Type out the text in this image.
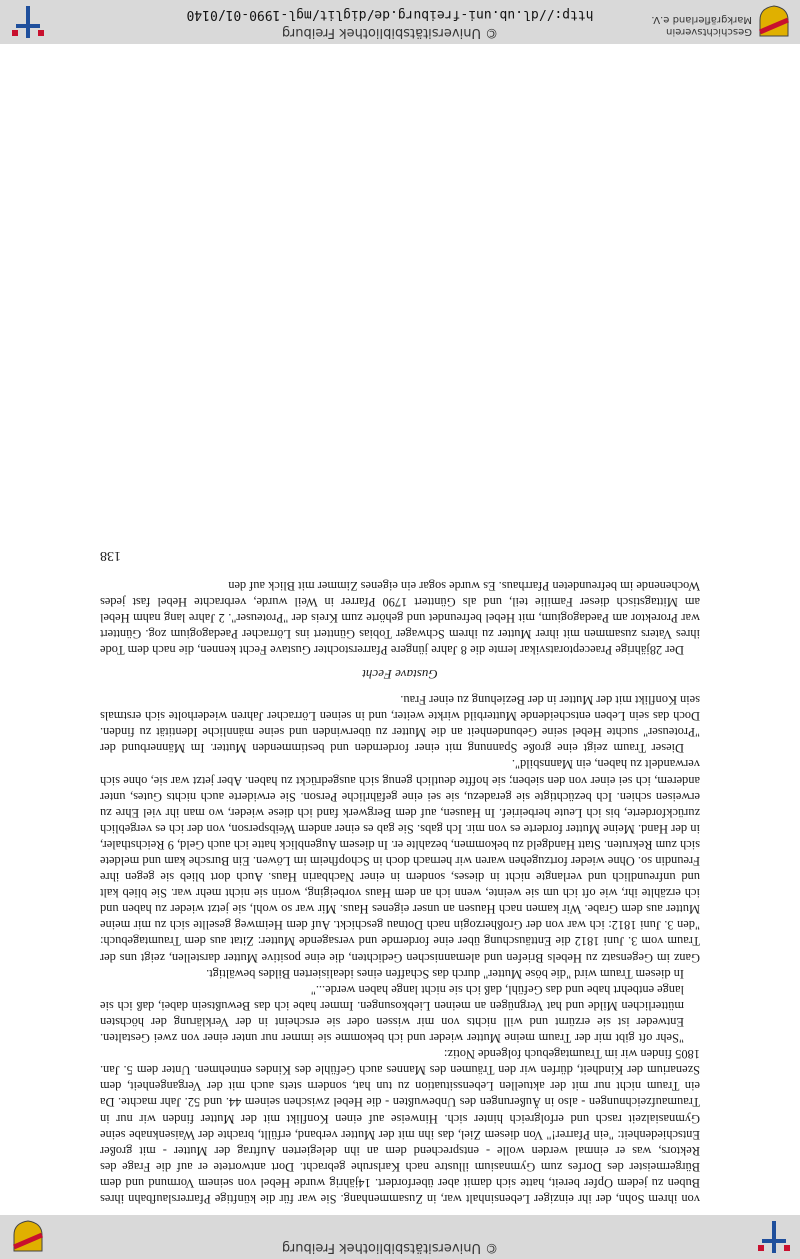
© Universitätsbibliothek Freiburg

von ihrem Sohn, der ihr einziger Lebensinhalt war, in Zusammenhang. Sie war für die künftige Pfarrerslaufbahn ihres Buben zu jedem Opfer bereit, hatte sich damit aber überfordert. 14jährig wurde Hebel von seinem Vormund und dem Bürgermeister des Dorfes zum Gymnasium illustre nach Karlsruhe gebracht. Dort antwortete er auf die Frage des Rektors, was er einmal werden wolle - entsprechend dem an ihn delegierten Auftrag der Mutter - mit großer Entschiedenheit: "ein Pfarrer!" Von diesem Ziel, das ihn mit der Mutter verband, erfüllt, brachte der Waisenknabe seine Gymnasialzeit rasch und erfolgreich hinter sich. Hinweise auf einen Konflikt mit der Mutter finden wir nur in Traumaufzeichnungen - also in Äußerungen des Unbewußten - die Hebel zwischen seinem 44. und 52. Jahr machte. Da ein Traum nicht nur mit der aktuellen Lebenssituation zu tun hat, sondern stets auch mit der Vergangenheit, dem Szenarium der Kindheit, dürfen wir den Träumen des Mannes auch Gefühle des Kindes entnehmen. Unter dem 5. Jan. 1805 finden wir im Traumtagebuch folgende Notiz:

"Sehr oft gibt mir der Traum meine Mutter wieder und ich bekomme sie immer nur unter einer von zwei Gestalten. Entweder ist sie erzürnt und will nichts von mir wissen oder sie erscheint in der Verklärung der höchsten mütterlichen Milde und hat Vergnügen an meinen Liebkosungen. Immer habe ich das Bewußtsein dabei, daß ich sie lange entbehrt habe und das Gefühl, daß ich sie nicht lange haben werde..."

In diesem Traum wird "die böse Mutter" durch das Schaffen eines idealisierten Bildes bewältigt.

Ganz im Gegensatz zu Hebels Briefen und alemannischen Gedichten, die eine positive Mutter darstellen, zeigt uns der Traum vom 3. Juni 1812 die Enttäuschung über eine fordernde und versagende Mutter: Zitat aus dem Traumtagebuch: "den 3. Juni 1812: ich war von der Großherzogin nach Dotnau geschickt. Auf dem Heimweg gesellte sich zu mir meine Mutter aus dem Grabe. Wir kamen nach Hausen an unser eigenes Haus. Mir war so wohl, sie jetzt wieder zu haben und ich erzählte ihr, wie oft ich um sie weinte, wenn ich an dem Haus vorbeiging, worin sie nicht mehr war. Sie blieb kalt und unfreundlich und verlangte nicht in dieses, sondern in einer Nachbarin Haus. Auch dort blieb sie gegen ihre Freundin so. Ohne wieder fortzugehen waren wir hernach doch in Schopfheim im Löwen. Ein Bursche kam und meldete sich zum Rekruten. Statt Handgeld zu bekommen, bezahlte er. In diesem Augenblick hatte ich auch Geld, 9 Reichsthaler, in der Hand. Meine Mutter forderte es von mir. Ich gabs. Sie gab es einer andern Weibsperson, von der ich es vergeblich zurückforderte, bis ich Leute herbeirief. In Hausen, auf dem Bergwerk fand ich diese wieder, wo man ihr viel Ehre zu erweisen schien. Ich bezüchtigte sie geradezu, sie sei eine gefährliche Person. Sie erwiderte auch nichts Gutes, unter anderem, ich sei einer von den sieben; sie hoffte deutlich genug sich ausgedrückt zu haben. Aber jetzt war sie, ohne sich verwandelt zu haben, ein Mannsbild".

Dieser Traum zeigt eine große Spannung mit einer fordernden und bestimmenden Mutter. Im Männerbund der "Proteuser" suchte Hebel seine Gebundenheit an die Mutter zu überwinden und seine männliche Identität zu finden. Doch das sein Leben entscheidende Mutterbild wirkte weiter, und in seinen Lörracher Jahren wiederholte sich erstmals sein Konflikt mit der Mutter in der Beziehung zu einer Frau.

Gustave Fecht

Der 28jährige Praeceptoratsvikar lernte die 8 Jahre jüngere Pfarrerstochter Gustave Fecht kennen, die nach dem Tode ihres Vaters zusammen mit ihrer Mutter zu ihrem Schwager Tobias Günttert ins Lörracher Paedagogium zog. Günttert war Prorektor am Paedagogium, mit Hebel befreundet und gehörte zum Kreis der "Proteuser". 2 Jahre lang nahm Hebel am Mittagstisch dieser Familie teil, und als Günttert 1790 Pfarrer in Weil wurde, verbrachte Hebel fast jedes Wochenende im befreundeten Pfarrhaus. Es wurde sogar ein eigenes Zimmer mit Blick auf den

138
Geschichtsverein
Markgräflerland e.V.
© Universitätsbibliothek Freiburg
http://dl.ub.uni-freiburg.de/diglit/mgl-1990-01/0140
